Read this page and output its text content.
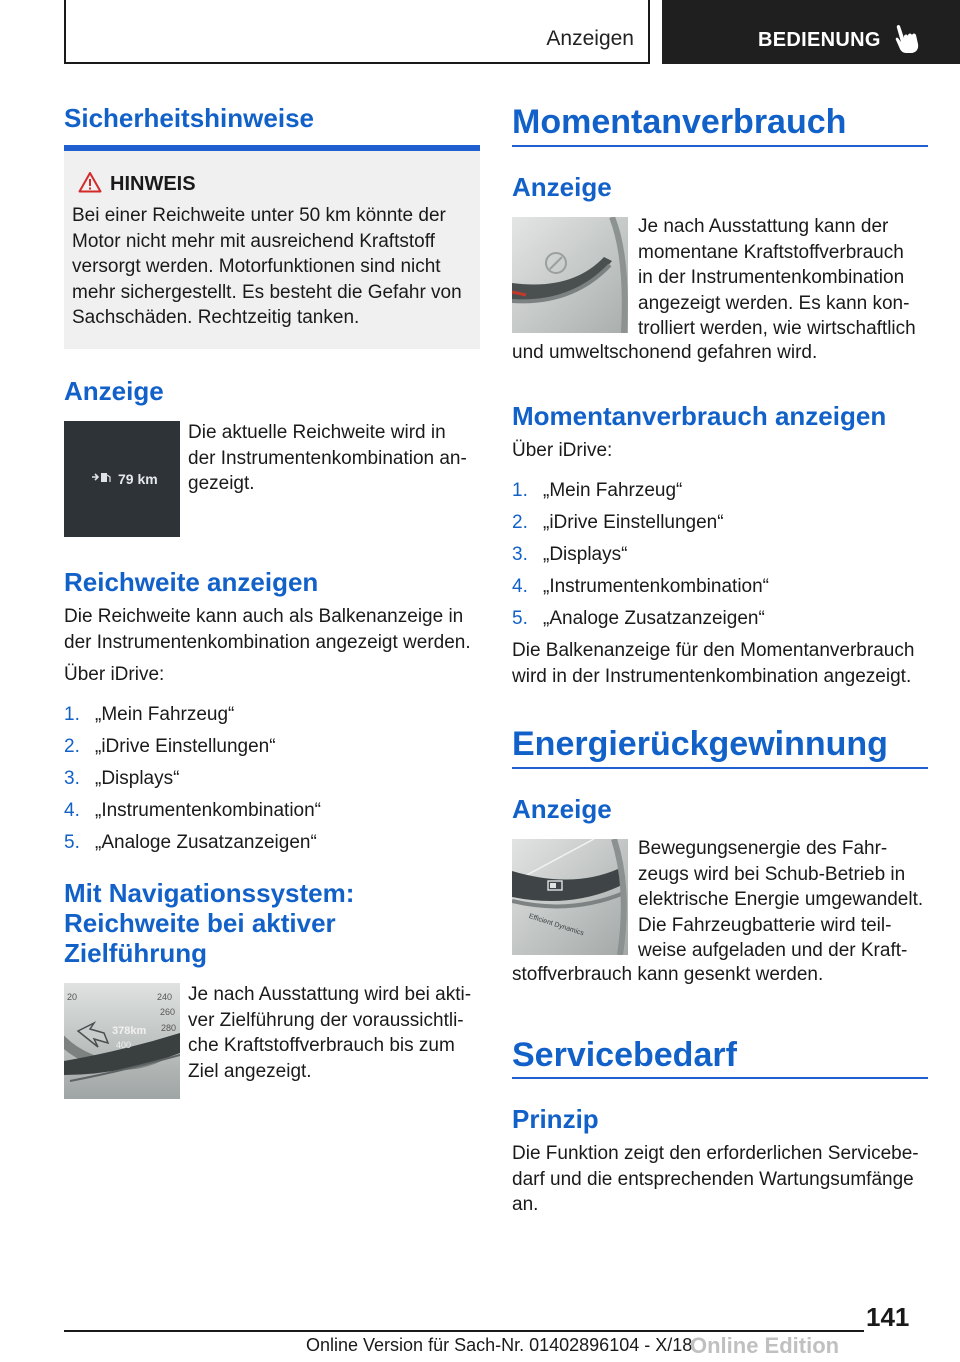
Anzeigen	BEDIENUNG
Sicherheitshinweise
HINWEIS
Bei einer Reichweite unter 50 km könnte der
Motor nicht mehr mit ausreichend Kraftstoff
versorgt werden. Motorfunktionen sind nicht
mehr sichergestellt. Es besteht die Gefahr von
Sachschäden. Rechtzeitig tanken.
Anzeige
79 km
Die aktuelle Reichweite wird in
der Instrumentenkombination an-
gezeigt.
Reichweite anzeigen
Die Reichweite kann auch als Balkenanzeige in
der Instrumentenkombination angezeigt werden.
Über iDrive:
1. „Mein Fahrzeug“
2. „iDrive Einstellungen“
3. „Displays“
4. „Instrumentenkombination“
5. „Analoge Zusatzanzeigen“
Mit Navigationssystem:
Reichweite bei aktiver
Zielführung
20	240
260
280
378km
400
Je nach Ausstattung wird bei akti-
ver Zielführung der voraussichtli-
che Kraftstoffverbrauch bis zum
Ziel angezeigt.
Momentanverbrauch
Anzeige
Je nach Ausstattung kann der
momentane Kraftstoffverbrauch
in der Instrumentenkombination
angezeigt werden. Es kann kon-
trolliert werden, wie wirtschaftlich
und umweltschonend gefahren wird.
Momentanverbrauch anzeigen
Über iDrive:
1. „Mein Fahrzeug“
2. „iDrive Einstellungen“
3. „Displays“
4. „Instrumentenkombination“
5. „Analoge Zusatzanzeigen“
Die Balkenanzeige für den Momentanverbrauch
wird in der Instrumentenkombination angezeigt.
Energierückgewinnung
Anzeige
Efficient Dynamics
Bewegungsenergie des Fahr-
zeugs wird bei Schub-Betrieb in
elektrische Energie umgewandelt.
Die Fahrzeugbatterie wird teil-
weise aufgeladen und der Kraft-
stoffverbrauch kann gesenkt werden.
Servicebedarf
Prinzip
Die Funktion zeigt den erforderlichen Servicebe-
darf und die entsprechenden Wartungsumfänge
an.
141
Online Version für Sach-Nr. 01402896104 - X/18
Online Edition
